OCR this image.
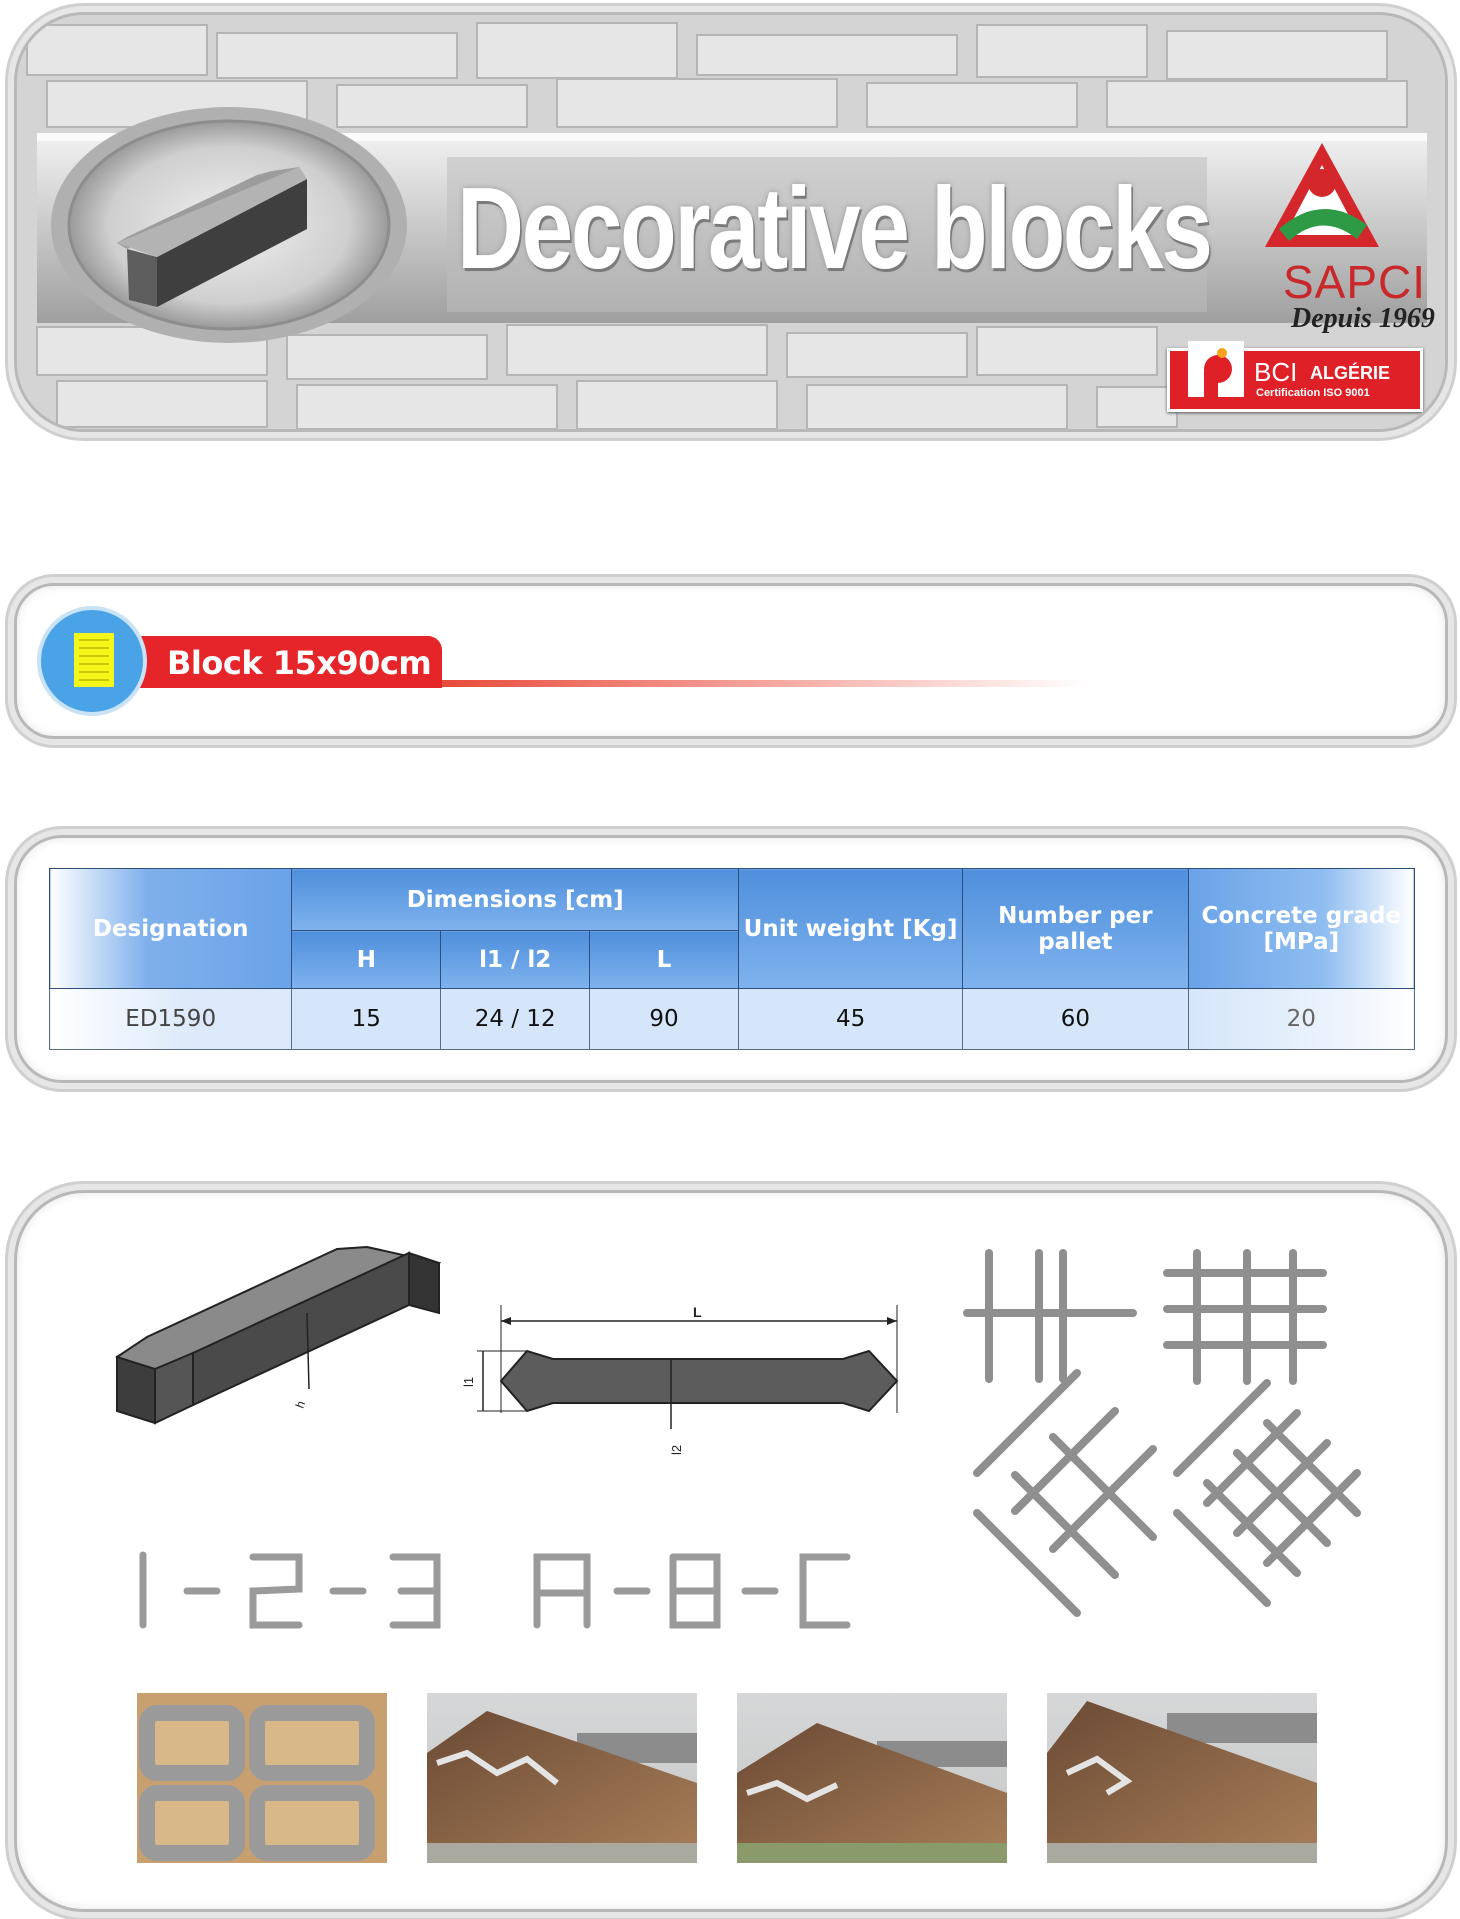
Decorative blocks SAPCI
Depuis 1969
BCI ALGÉRIE
Certification ISO 9001
Block 15x90cm
Designation	Dimensions [cm]			Unit weight [Kg]	Number per pallet	Concrete grade [MPa]
	H	l1 / l2	L			
ED1590	15	24 / 12	90	45	60	20
h
L
l1
l2
1-2-3	A-B-C
